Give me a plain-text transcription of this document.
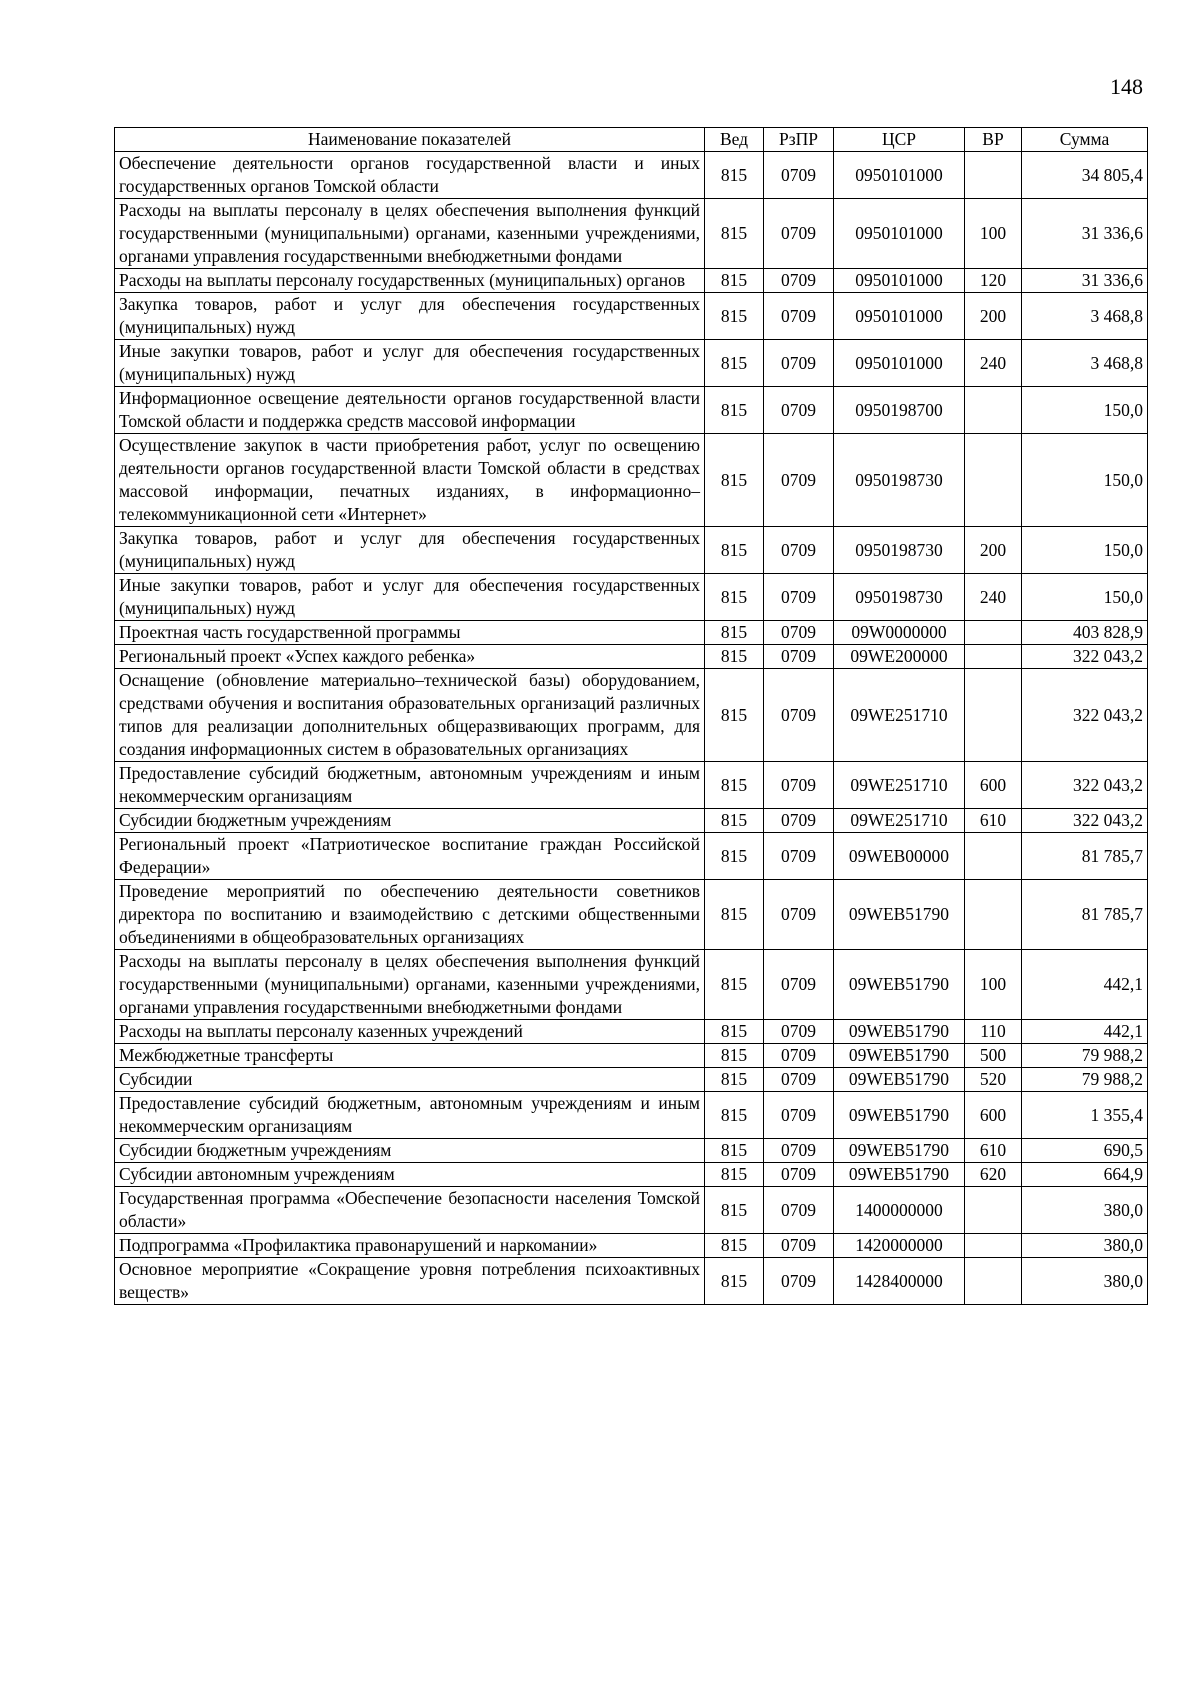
148
Наименование показателей	Вед	РзПР	ЦСР	ВР	Сумма
Обеспечение деятельности органов государственной власти и иных государственных органов Томской области	815	0709	0950101000		34 805,4
Расходы на выплаты персоналу в целях обеспечения выполнения функций государственными (муниципальными) органами, казенными учреждениями, органами управления государственными внебюджетными фондами	815	0709	0950101000	100	31 336,6
Расходы на выплаты персоналу государственных (муниципальных) органов	815	0709	0950101000	120	31 336,6
Закупка товаров, работ и услуг для обеспечения государственных (муниципальных) нужд	815	0709	0950101000	200	3 468,8
Иные закупки товаров, работ и услуг для обеспечения государственных (муниципальных) нужд	815	0709	0950101000	240	3 468,8
Информационное освещение деятельности органов государственной власти Томской области и поддержка средств массовой информации	815	0709	0950198700		150,0
Осуществление закупок в части приобретения работ, услуг по освещению деятельности органов государственной власти Томской области в средствах массовой информации, печатных изданиях, в информационно–телекоммуникационной сети «Интернет»	815	0709	0950198730		150,0
Закупка товаров, работ и услуг для обеспечения государственных (муниципальных) нужд	815	0709	0950198730	200	150,0
Иные закупки товаров, работ и услуг для обеспечения государственных (муниципальных) нужд	815	0709	0950198730	240	150,0
Проектная часть государственной программы	815	0709	09W0000000		403 828,9
Региональный проект «Успех каждого ребенка»	815	0709	09WE200000		322 043,2
Оснащение (обновление материально–технической базы) оборудованием, средствами обучения и воспитания образовательных организаций различных типов для реализации дополнительных общеразвивающих программ, для создания информационных систем в образовательных организациях	815	0709	09WE251710		322 043,2
Предоставление субсидий бюджетным, автономным учреждениям и иным некоммерческим организациям	815	0709	09WE251710	600	322 043,2
Субсидии бюджетным учреждениям	815	0709	09WE251710	610	322 043,2
Региональный проект «Патриотическое воспитание граждан Российской Федерации»	815	0709	09WEB00000		81 785,7
Проведение мероприятий по обеспечению деятельности советников директора по воспитанию и взаимодействию с детскими общественными объединениями в общеобразовательных организациях	815	0709	09WEB51790		81 785,7
Расходы на выплаты персоналу в целях обеспечения выполнения функций государственными (муниципальными) органами, казенными учреждениями, органами управления государственными внебюджетными фондами	815	0709	09WEB51790	100	442,1
Расходы на выплаты персоналу казенных учреждений	815	0709	09WEB51790	110	442,1
Межбюджетные трансферты	815	0709	09WEB51790	500	79 988,2
Субсидии	815	0709	09WEB51790	520	79 988,2
Предоставление субсидий бюджетным, автономным учреждениям и иным некоммерческим организациям	815	0709	09WEB51790	600	1 355,4
Субсидии бюджетным учреждениям	815	0709	09WEB51790	610	690,5
Субсидии автономным учреждениям	815	0709	09WEB51790	620	664,9
Государственная программа «Обеспечение безопасности населения Томской области»	815	0709	1400000000		380,0
Подпрограмма «Профилактика правонарушений и наркомании»	815	0709	1420000000		380,0
Основное мероприятие «Сокращение уровня потребления психоактивных веществ»	815	0709	1428400000		380,0
